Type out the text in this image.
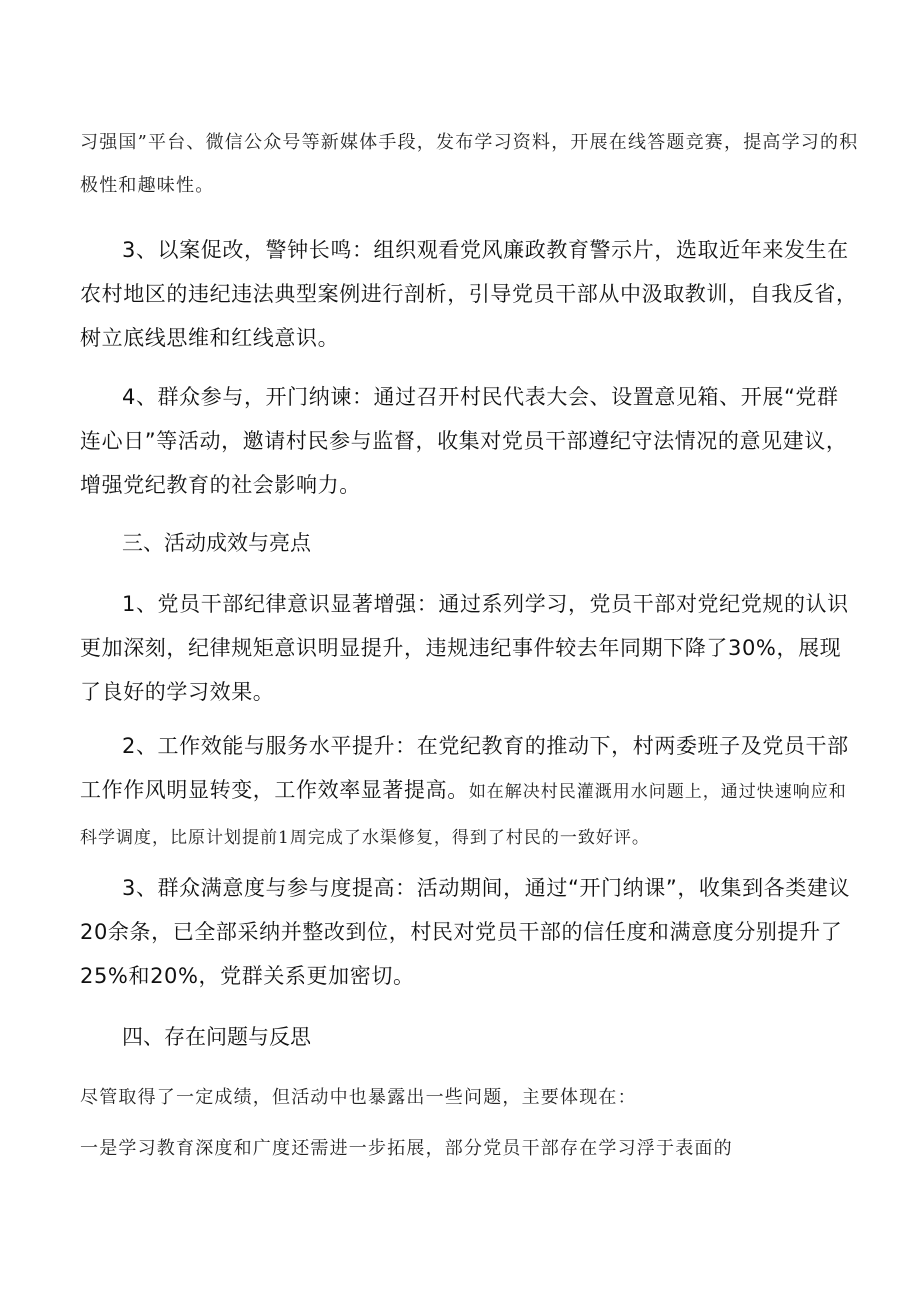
习强国”平台、微信公众号等新媒体手段，发布学习资料，开展在线答题竞赛，提高学习的积极性和趣味性。

3、以案促改，警钟长鸣：组织观看党风廉政教育警示片，选取近年来发生在农村地区的违纪违法典型案例进行剖析，引导党员干部从中汲取教训，自我反省，树立底线思维和红线意识。

4、群众参与，开门纳谏：通过召开村民代表大会、设置意见箱、开展“党群连心日”等活动，邀请村民参与监督，收集对党员干部遵纪守法情况的意见建议，增强党纪教育的社会影响力。

三、活动成效与亮点

1、党员干部纪律意识显著增强：通过系列学习，党员干部对党纪党规的认识更加深刻，纪律规矩意识明显提升，违规违纪事件较去年同期下降了30%，展现了良好的学习效果。

2、工作效能与服务水平提升：在党纪教育的推动下，村两委班子及党员干部工作作风明显转变，工作效率显著提高。如在解决村民灌溉用水问题上，通过快速响应和科学调度，比原计划提前1周完成了水渠修复，得到了村民的一致好评。

3、群众满意度与参与度提高：活动期间，通过“开门纳课”，收集到各类建议20余条，已全部采纳并整改到位，村民对党员干部的信任度和满意度分别提升了25%和20%，党群关系更加密切。

四、存在问题与反思

尽管取得了一定成绩，但活动中也暴露出一些问题，主要体现在：

一是学习教育深度和广度还需进一步拓展，部分党员干部存在学习浮于表面的
